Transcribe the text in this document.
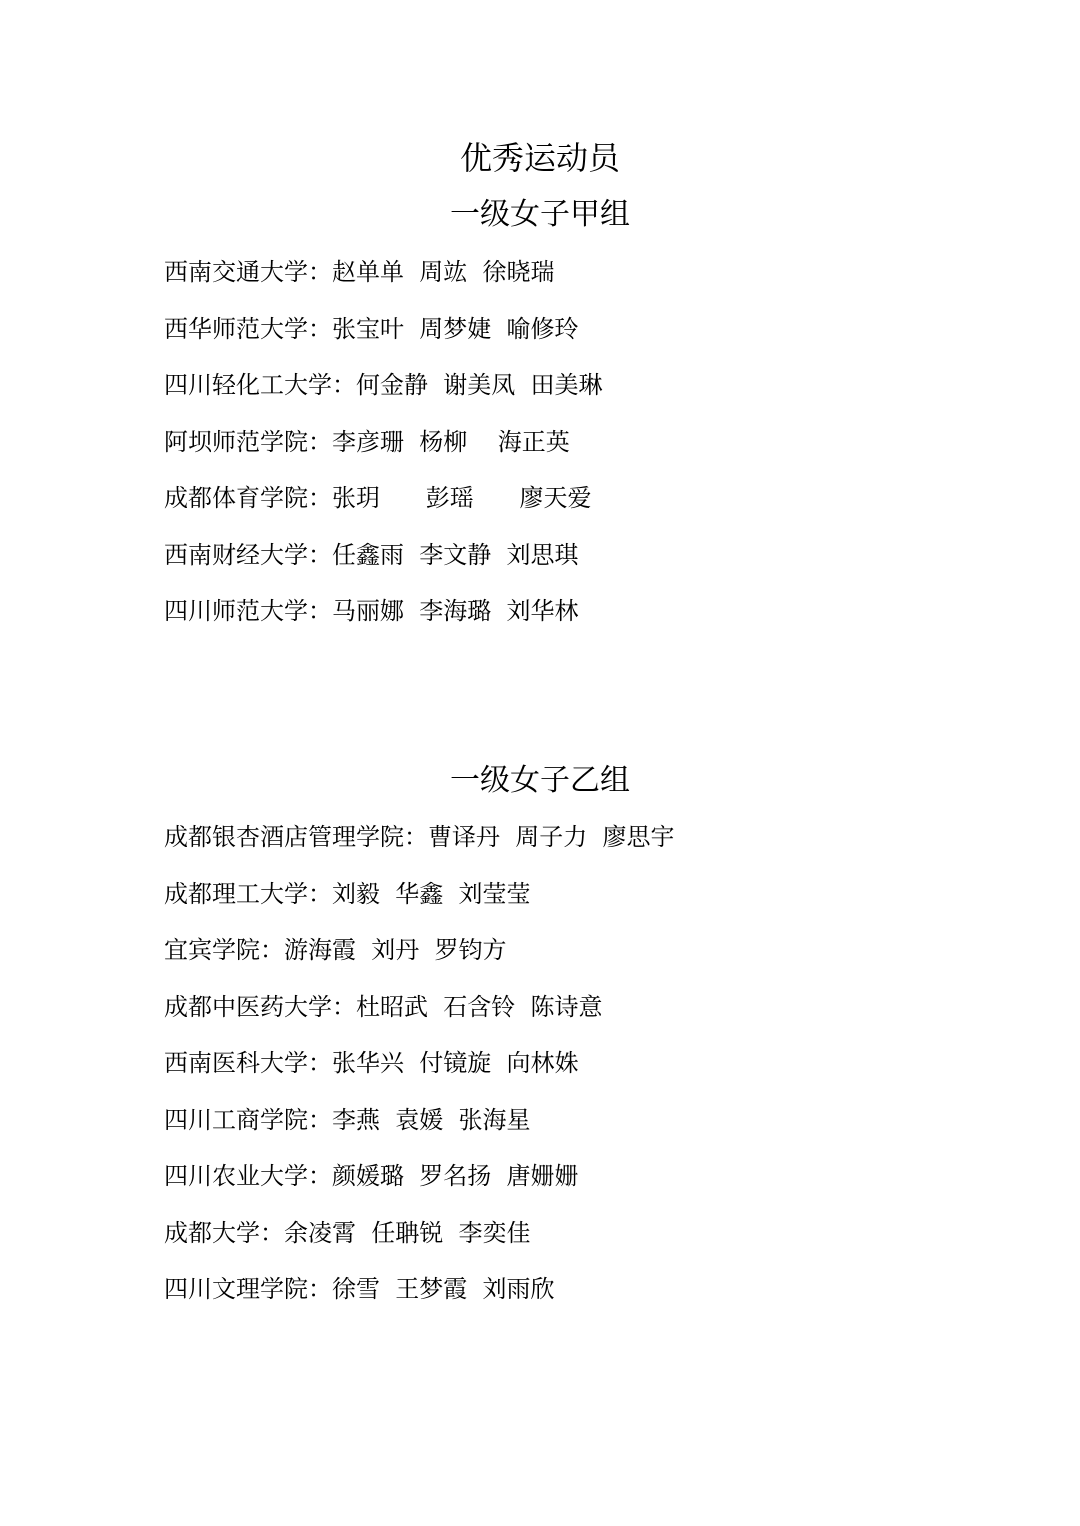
优秀运动员
一级女子甲组
西南交通大学：赵单单  周竑  徐晓瑞
西华师范大学：张宝叶  周梦婕  喻修玲
四川轻化工大学：何金静  谢美凤  田美琳
阿坝师范学院：李彦珊  杨柳    海正英
成都体育学院：张玥      彭瑶      廖天爱
西南财经大学：任鑫雨  李文静  刘思琪
四川师范大学：马丽娜  李海璐  刘华林
一级女子乙组
成都银杏酒店管理学院：曹译丹  周子力  廖思宇
成都理工大学：刘毅  华鑫  刘莹莹
宜宾学院：游海霞  刘丹  罗钧方
成都中医药大学：杜昭武  石含铃  陈诗意
西南医科大学：张华兴  付镜旋  向林姝
四川工商学院：李燕  袁媛  张海星
四川农业大学：颜媛璐  罗名扬  唐姗姗
成都大学：余凌霄  任聃锐  李奕佳
四川文理学院：徐雪  王梦霞  刘雨欣
